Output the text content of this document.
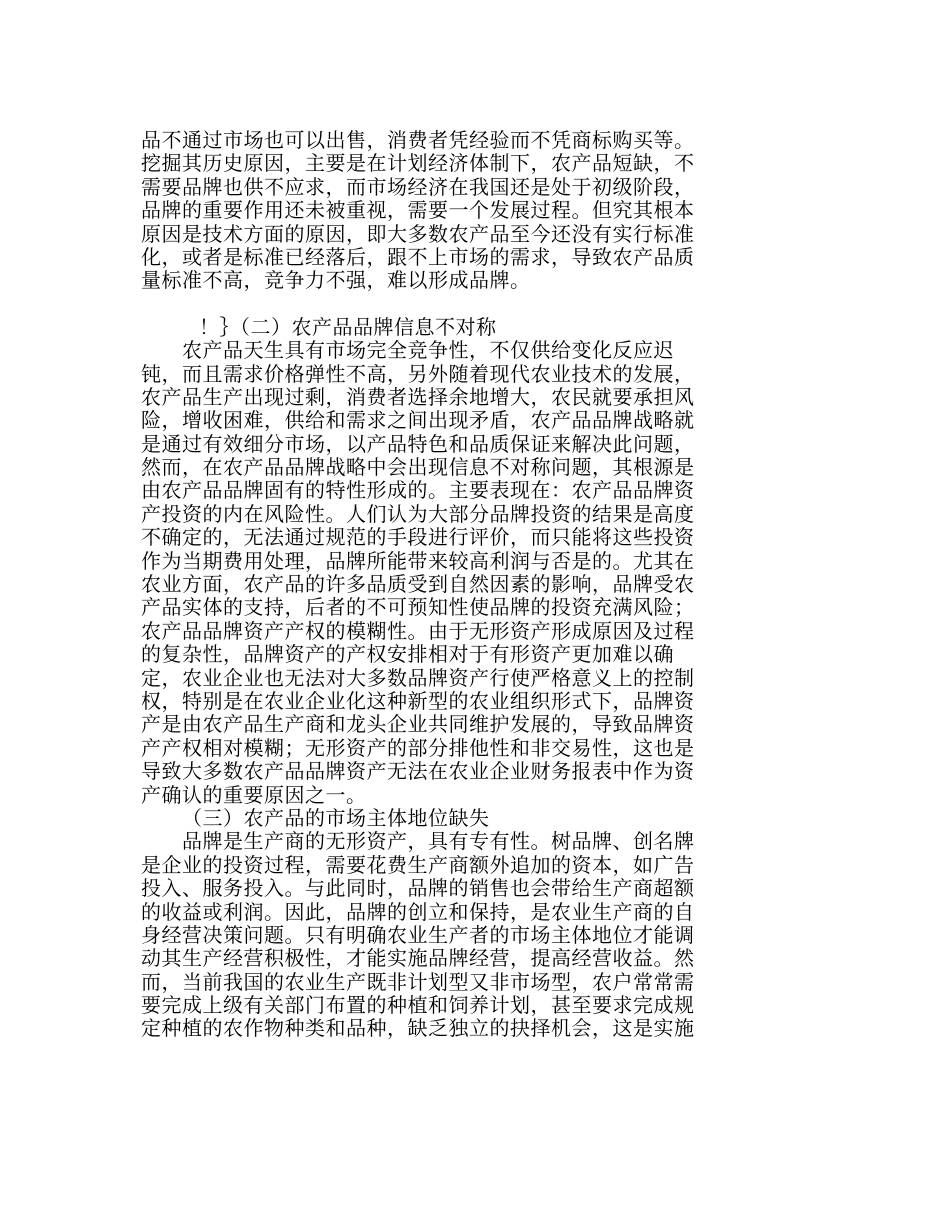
品不通过市场也可以出售，消费者凭经验而不凭商标购买等。
挖掘其历史原因，主要是在计划经济体制下，农产品短缺，不
需要品牌也供不应求，而市场经济在我国还是处于初级阶段，
品牌的重要作用还未被重视，需要一个发展过程。但究其根本
原因是技术方面的原因，即大多数农产品至今还没有实行标准
化，或者是标准已经落后，跟不上市场的需求，导致农产品质
量标准不高，竞争力不强，难以形成品牌。
！｝（二）农产品品牌信息不对称
农产品天生具有市场完全竞争性，不仅供给变化反应迟
钝，而且需求价格弹性不高，另外随着现代农业技术的发展，
农产品生产出现过剩，消费者选择余地增大，农民就要承担风
险，增收困难，供给和需求之间出现矛盾，农产品品牌战略就
是通过有效细分市场，以产品特色和品质保证来解决此问题，
然而，在农产品品牌战略中会出现信息不对称问题，其根源是
由农产品品牌固有的特性形成的。主要表现在：农产品品牌资
产投资的内在风险性。人们认为大部分品牌投资的结果是高度
不确定的，无法通过规范的手段进行评价，而只能将这些投资
作为当期费用处理，品牌所能带来较高利润与否是的。尤其在
农业方面，农产品的许多品质受到自然因素的影响，品牌受农
产品实体的支持，后者的不可预知性使品牌的投资充满风险；
农产品品牌资产产权的模糊性。由于无形资产形成原因及过程
的复杂性，品牌资产的产权安排相对于有形资产更加难以确
定，农业企业也无法对大多数品牌资产行使严格意义上的控制
权，特别是在农业企业化这种新型的农业组织形式下，品牌资
产是由农产品生产商和龙头企业共同维护发展的，导致品牌资
产产权相对模糊；无形资产的部分排他性和非交易性，这也是
导致大多数农产品品牌资产无法在农业企业财务报表中作为资
产确认的重要原因之一。
（三）农产品的市场主体地位缺失
品牌是生产商的无形资产，具有专有性。树品牌、创名牌
是企业的投资过程，需要花费生产商额外追加的资本，如广告
投入、服务投入。与此同时，品牌的销售也会带给生产商超额
的收益或利润。因此，品牌的创立和保持，是农业生产商的自
身经营决策问题。只有明确农业生产者的市场主体地位才能调
动其生产经营积极性，才能实施品牌经营，提高经营收益。然
而，当前我国的农业生产既非计划型又非市场型，农户常常需
要完成上级有关部门布置的种植和饲养计划，甚至要求完成规
定种植的农作物种类和品种，缺乏独立的抉择机会，这是实施
